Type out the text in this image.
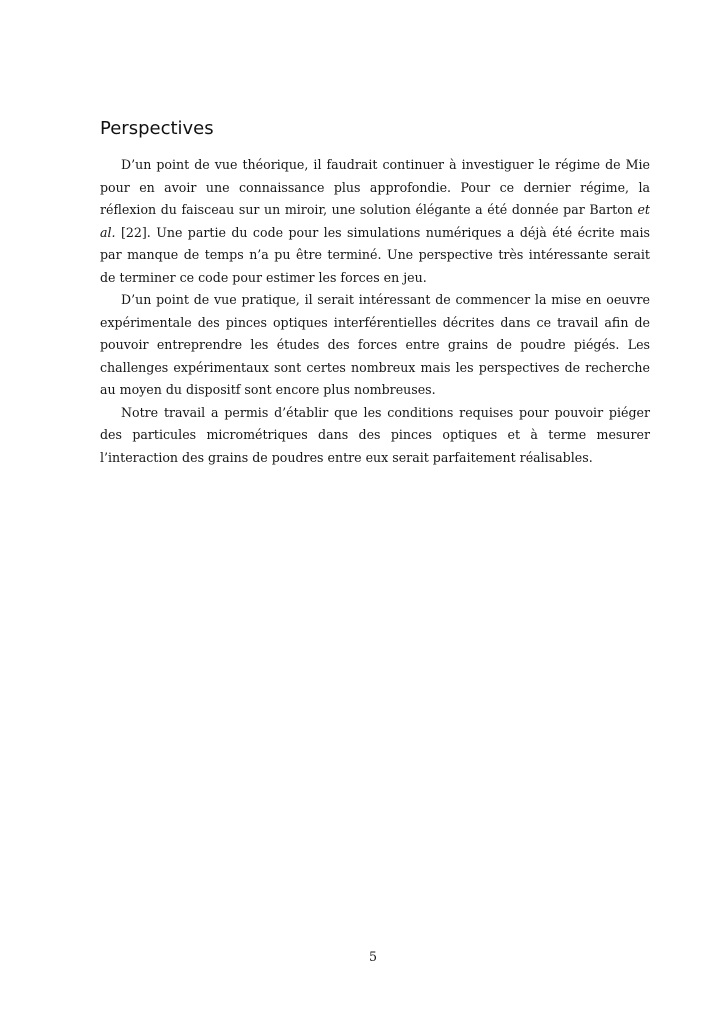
Perspectives

D’un point de vue théorique, il faudrait continuer à investiguer le régime de Mie pour en avoir une connaissance plus approfondie. Pour ce dernier régime, la réflexion du faisceau sur un miroir, une solution élégante a été donnée par Barton et al. [22]. Une partie du code pour les simulations numériques a déjà été écrite mais par manque de temps n’a pu être terminé. Une perspective très intéressante serait de terminer ce code pour estimer les forces en jeu.

D’un point de vue pratique, il serait intéressant de commencer la mise en oeuvre expérimentale des pinces optiques interférentielles décrites dans ce travail afin de pouvoir entreprendre les études des forces entre grains de poudre piégés. Les challenges expérimentaux sont certes nombreux mais les perspectives de recherche au moyen du dispositf sont encore plus nombreuses.

Notre travail a permis d’établir que les conditions requises pour pouvoir piéger des particules micrométriques dans des pinces optiques et à terme mesurer l’interaction des grains de poudres entre eux serait parfaitement réalisables.

5
